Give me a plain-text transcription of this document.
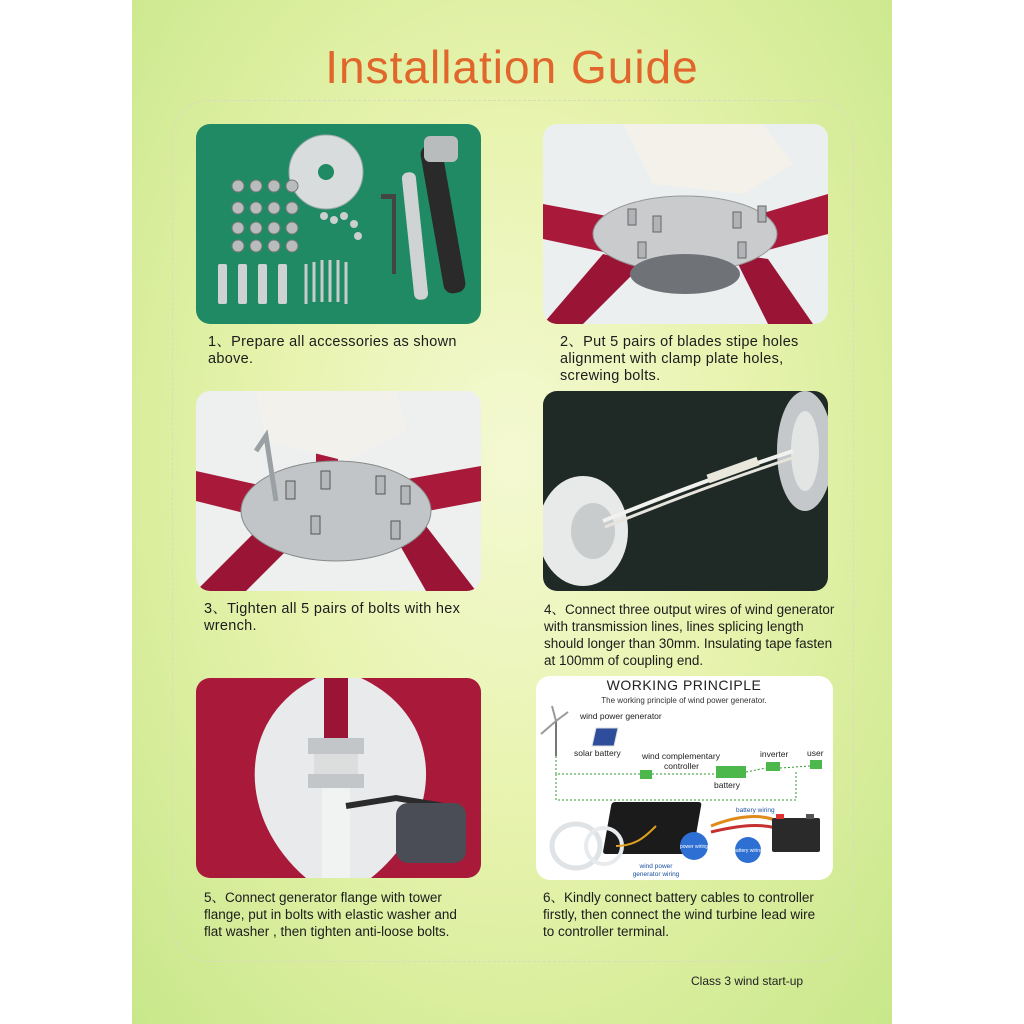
Installation Guide
WORKING PRINCIPLE
The working principle of wind power generator.
wind power generator
solar battery wind complementary
controller
inverter user
battery
battery wiring
power wiring
battery wiring
wind power
generator wiring
1、Prepare all accessories as shown
above.
2、Put 5 pairs of blades stipe holes
alignment with clamp plate holes,
screwing bolts.
3、Tighten all 5 pairs of bolts with hex
wrench.
4、Connect three output wires of wind generator
with transmission lines, lines splicing length
should longer than 30mm. Insulating tape fasten
at 100mm of coupling end.
5、Connect generator flange with tower
flange, put in bolts with elastic washer and
flat washer , then tighten anti-loose bolts.
6、Kindly connect battery cables to controller
firstly, then connect the wind turbine lead wire
to controller terminal.
Class 3 wind start-up
